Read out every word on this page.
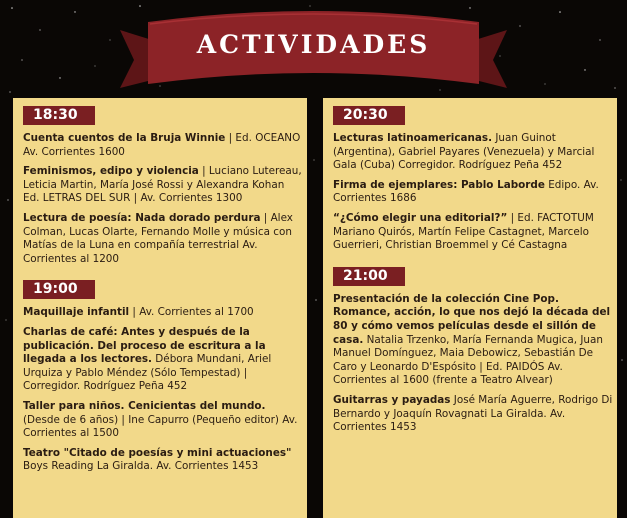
ACTIVIDADES
18:30
Cuenta cuentos de la Bruja Winnie | Ed. OCEANO Av. Corrientes 1600
Feminismos, edipo y violencia | Luciano Lutereau, Leticia Martin, María José Rossi y Alexandra Kohan Ed. LETRAS DEL SUR | Av. Corrientes 1300
Lectura de poesía: Nada dorado perdura | Alex Colman, Lucas Olarte, Fernando Molle y música con Matías de la Luna en compañía terrestrial Av. Corrientes al 1200
19:00
Maquillaje infantil | Av. Corrientes al 1700
Charlas de café: Antes y después de la publicación. Del proceso de escritura a la llegada a los lectores. Débora Mundani, Ariel Urquiza y Pablo Méndez (Sólo Tempestad) | Corregidor. Rodríguez Peña 452
Taller para niños. Cenicientas del mundo. (Desde de 6 años) | Ine Capurro (Pequeño editor) Av. Corrientes al 1500
Teatro "Citado de poesías y mini actuaciones" Boys Reading La Giralda. Av. Corrientes 1453
20:30
Lecturas latinoamericanas. Juan Guinot (Argentina), Gabriel Payares (Venezuela) y Marcial Gala (Cuba) Corregidor. Rodríguez Peña 452
Firma de ejemplares: Pablo Laborde Edipo. Av. Corrientes 1686
“¿Cómo elegir una editorial?” | Ed. FACTOTUM Mariano Quirós, Martín Felipe Castagnet, Marcelo Guerrieri, Christian Broemmel y Cé Castagna
21:00
Presentación de la colección Cine Pop. Romance, acción, lo que nos dejó la década del 80 y cómo vemos películas desde el sillón de casa. Natalia Trzenko, María Fernanda Mugica, Juan Manuel Domínguez, Maia Debowicz, Sebastián De Caro y Leonardo D'Espósito | Ed. PAIDÓS Av. Corrientes al 1600 (frente a Teatro Alvear)
Guitarras y payadas José María Aguerre, Rodrigo Di Bernardo y Joaquín Rovagnati La Giralda. Av. Corrientes 1453
